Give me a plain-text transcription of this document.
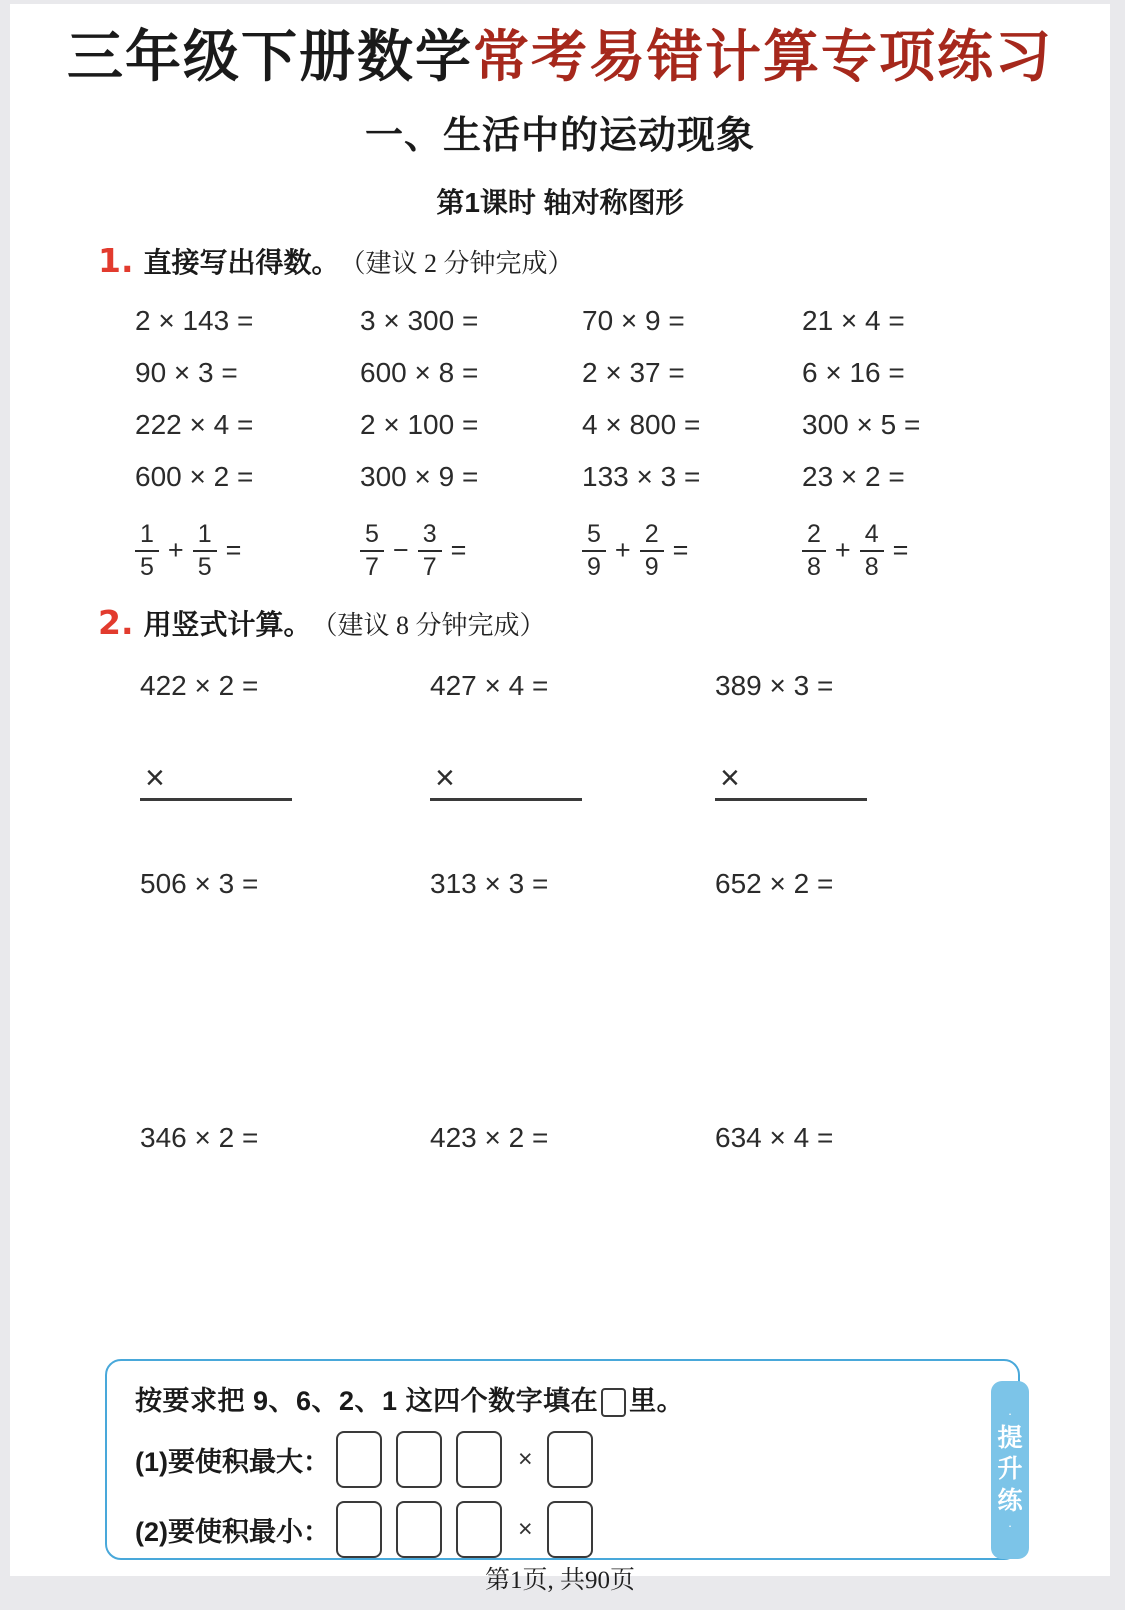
三年级下册数学常考易错计算专项练习
一、生活中的运动现象
第1课时 轴对称图形
1. 直接写出得数。 （建议 2 分钟完成）
2 × 143 =	3 × 300 =	70 × 9 =	21 × 4 =
90 × 3 =	600 × 8 =	2 × 37 =	6 × 16 =
222 × 4 =	2 × 100 =	4 × 800 =	300 × 5 =
600 × 2 =	300 × 9 =	133 × 3 =	23 × 2 =
$\frac{1}{5} + \frac{1}{5}$ =	$\frac{5}{7} - \frac{3}{7}$ =	$\frac{5}{9} + \frac{2}{9}$ =	$\frac{2}{8} + \frac{4}{8}$ =
2. 用竖式计算。 （建议 8 分钟完成）
422 × 2 =	427 × 4 =	389 × 3 =
×	×	×
506 × 3 =	313 × 3 =	652 × 2 =
346 × 2 =	423 × 2 =	634 × 4 =
按要求把 9、6、2、1 这四个数字填在 里。
(1)要使积最大：	×
(2)要使积最小：	×
·
提
升
练
·
第1页, 共90页
